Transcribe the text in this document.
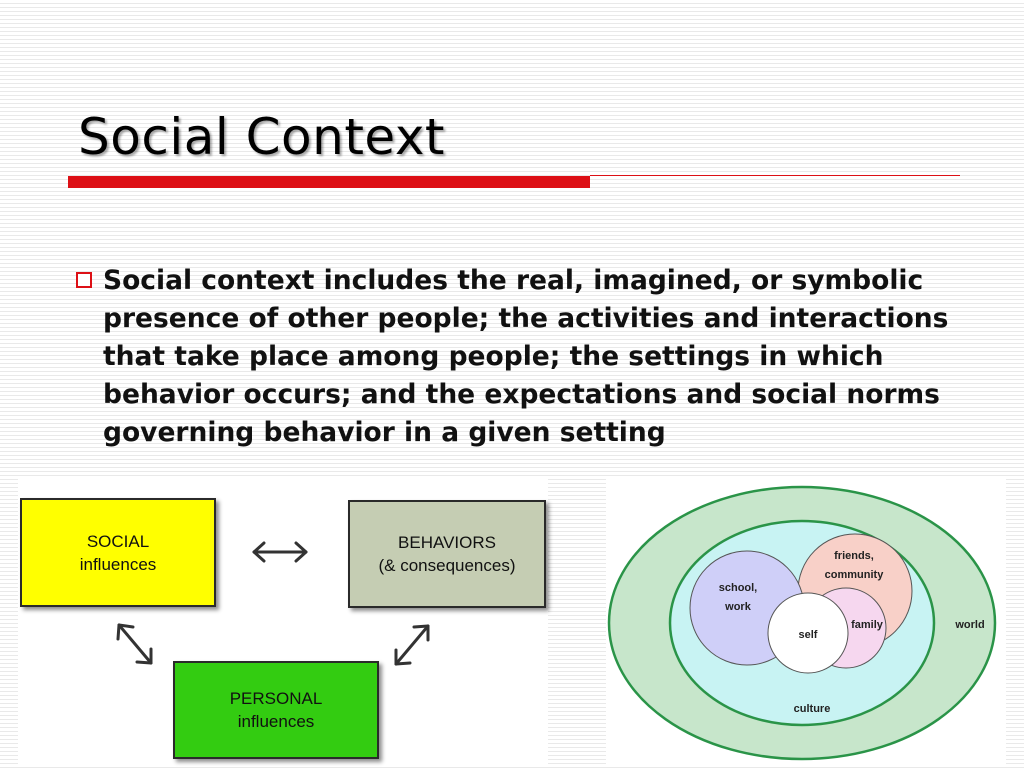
Social Context
Social context includes the real, imagined, or symbolic presence of other people; the activities and interactions that take place among people; the settings in which behavior occurs; and the expectations and social norms governing behavior in a given setting
SOCIAL
influences
BEHAVIORS
(& consequences)
PERSONAL
influences
friends,
community
school,
work
family
self
culture
world
